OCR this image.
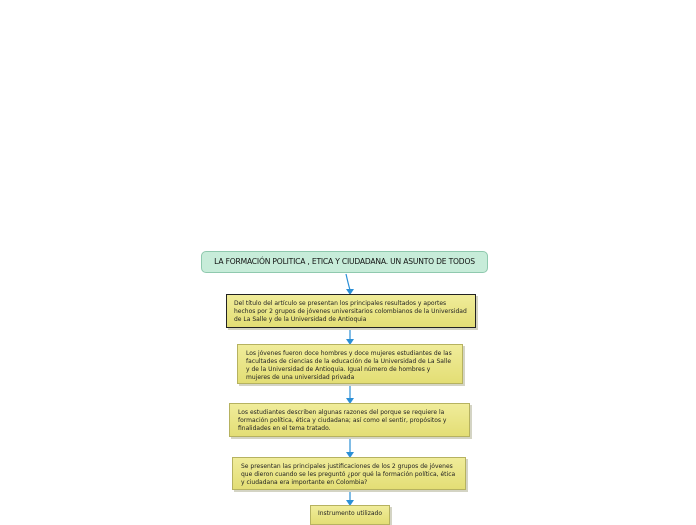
LA FORMACIÓN POLITICA , ETICA Y CIUDADANA. UN ASUNTO DE TODOS
Del título del artículo se presentan los principales resultados y aportes hechos por 2 grupos de jóvenes universitarios colombianos de la Universidad de La Salle y de la Universidad de Antioquia
Los jóvenes fueron doce hombres y doce mujeres estudiantes de las facultades de ciencias de la educación de la Universidad de La Salle y de la Universidad de Antioquia. Igual número de hombres y mujeres de una universidad privada
Los estudiantes describen algunas razones del porque se requiere la formación política, ética y ciudadana; así como el sentir, propósitos y finalidades en el tema tratado.
Se presentan las principales justificaciones de los 2 grupos de jóvenes que dieron cuando se les preguntó ¿por qué la formación política, ética y ciudadana era importante en Colombia?
Instrumento utilizado
